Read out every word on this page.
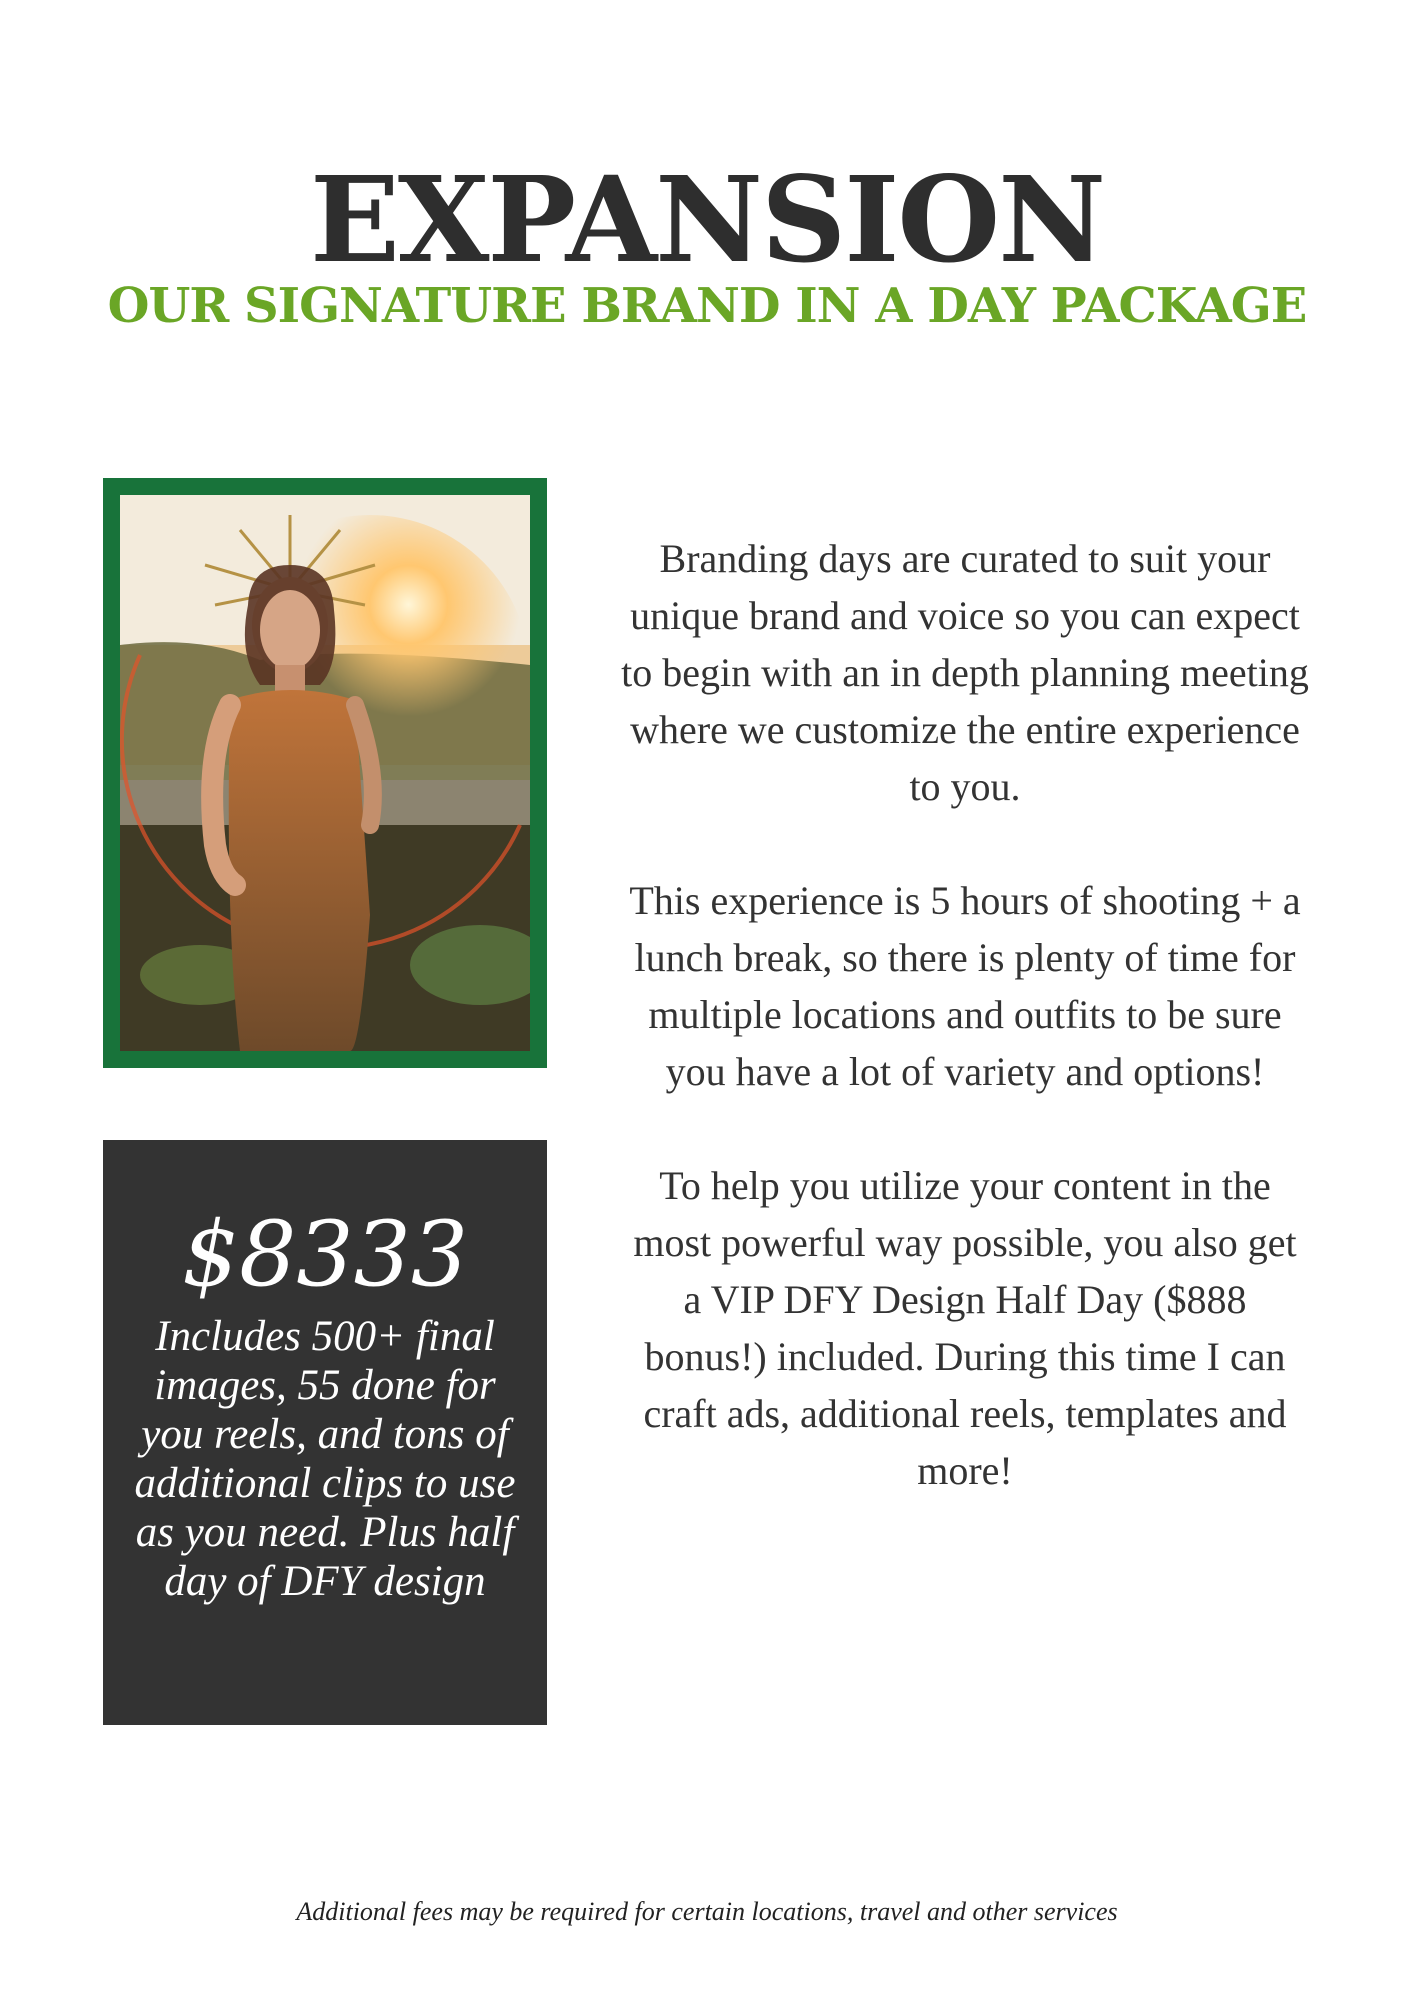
EXPANSION
OUR SIGNATURE BRAND IN A DAY PACKAGE
$8333
Includes 500+ final images, 55 done for you reels, and tons of additional clips to use as you need. Plus half day of DFY design

Branding days are curated to suit your unique brand and voice so you can expect to begin with an in depth planning meeting where we customize the entire experience to you.

This experience is 5 hours of shooting + a lunch break, so there is plenty of time for multiple locations and outfits to be sure you have a lot of variety and options!

To help you utilize your content in the most powerful way possible, you also get a VIP DFY Design Half Day ($888 bonus!) included. During this time I can craft ads, additional reels, templates and more!

Additional fees may be required for certain locations, travel and other services
